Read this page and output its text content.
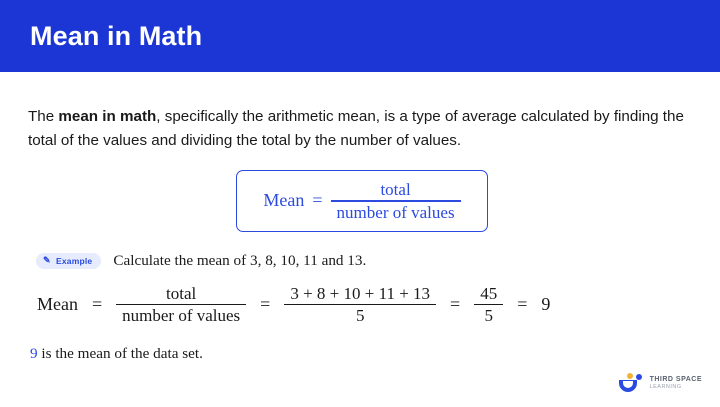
Mean in Math

The mean in math, specifically the arithmetic mean, is a type of average calculated by finding the total of the values and dividing the total by the number of values.

Mean = $\frac{\text{total}}{\text{number of values}}$
✎ Example Calculate the mean of 3, 8, 10, 11 and 13.
Mean = $\frac{\text{total}}{\text{number of values}} = \frac{3 + 8 + 10 + 11 + 13}{5} = \frac{45}{5} = 9$
9 is the mean of the data set.
THIRD SPACE
LEARNING
